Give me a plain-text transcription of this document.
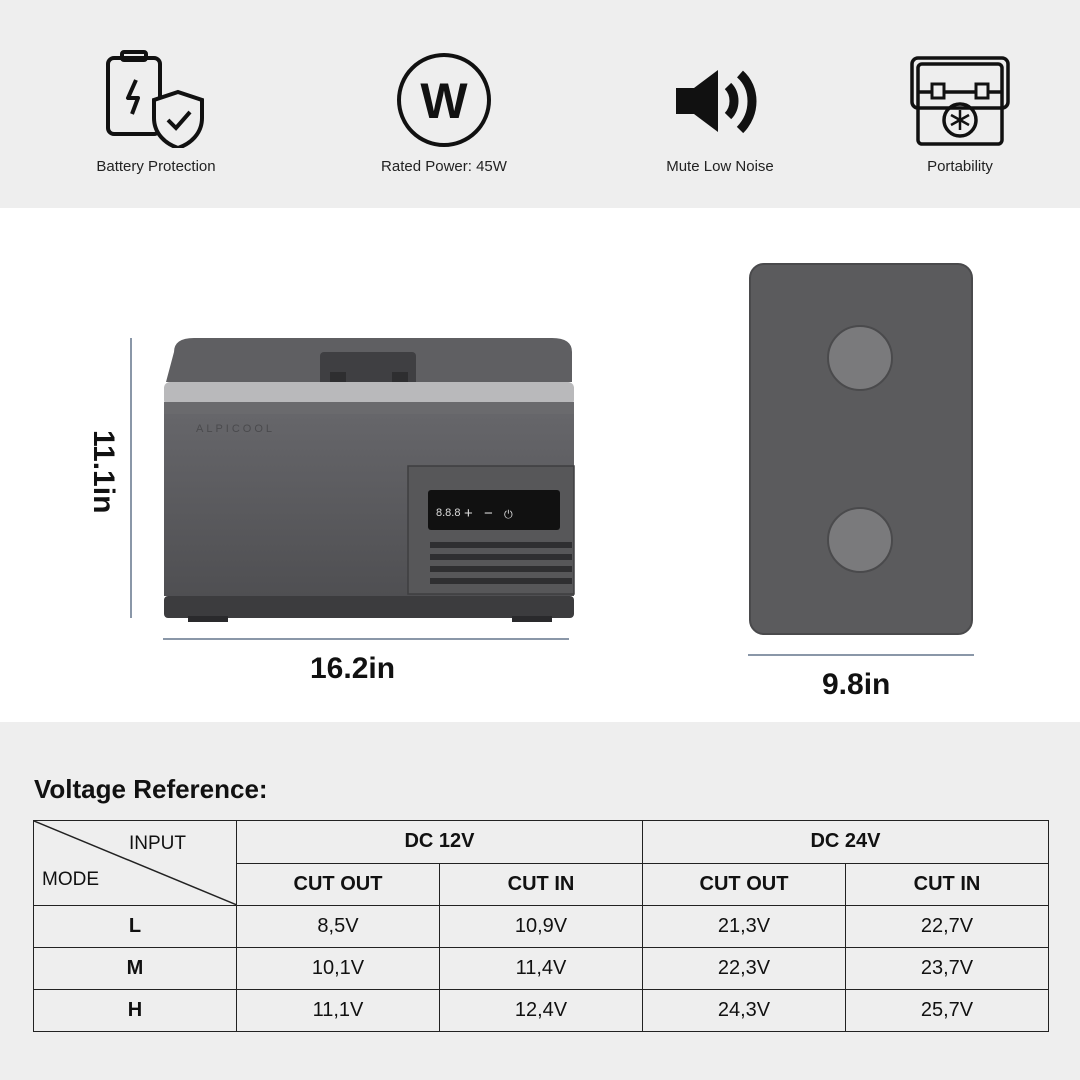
Battery Protection
W
Rated Power: 45W	Mute Low Noise	Portability
11.1in
ALPICOOL
8.8.8 + − ⏻
16.2in	9.8in
Voltage Reference:
INPUT
MODE	DC 12V		DC 24V	
	CUT OUT	CUT IN	CUT OUT	CUT IN
L	8,5V	10,9V	21,3V	22,7V
M	10,1V	11,4V	22,3V	23,7V
H	11,1V	12,4V	24,3V	25,7V
